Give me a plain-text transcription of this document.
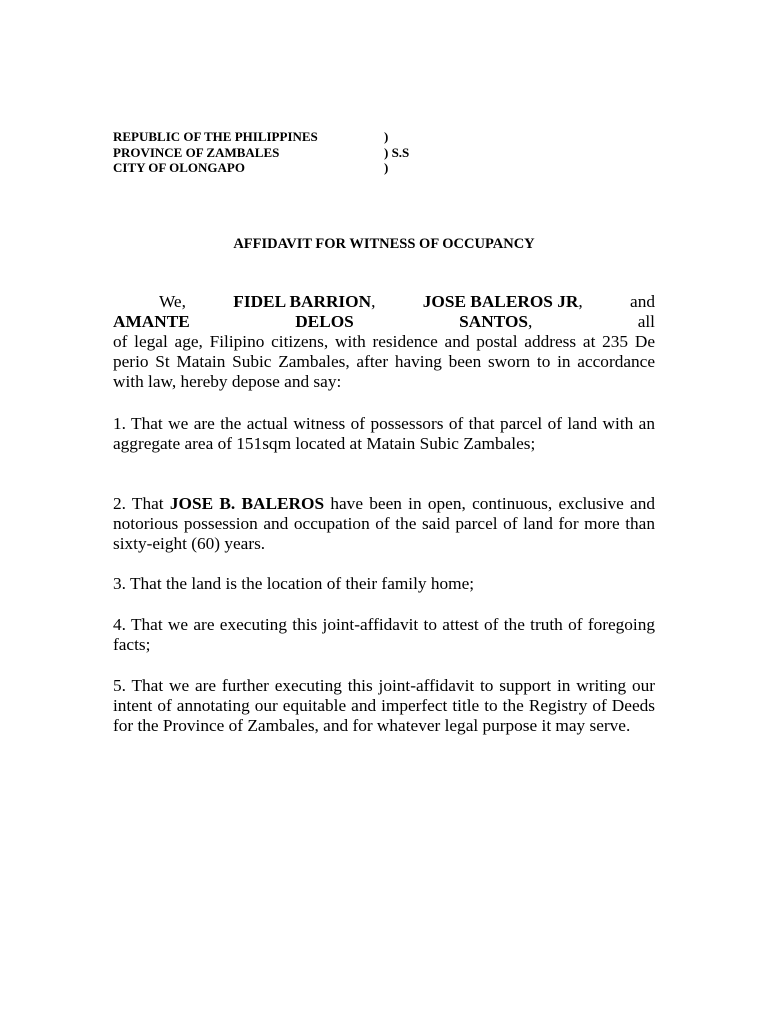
REPUBLIC OF THE PHILIPPINES	)
PROVINCE OF ZAMBALES	) S.S
CITY OF OLONGAPO	)
AFFIDAVIT FOR WITNESS OF OCCUPANCY
We,	FIDEL BARRION,	JOSE BALEROS JR,	and
AMANTE	DELOS	SANTOS,	all

of legal age, Filipino citizens, with residence and postal address at 235 De perio St Matain Subic Zambales, after having been sworn to in accordance with law, hereby depose and say:

1. That we are the actual witness of possessors of that parcel of land with an aggregate area of 151sqm located at Matain Subic Zambales;

2. That JOSE B. BALEROS have been in open, continuous, exclusive and notorious possession and occupation of the said parcel of land for more than sixty-eight (60) years.

3. That the land is the location of their family home;

4. That we are executing this joint-affidavit to attest of the truth of foregoing facts;

5. That we are further executing this joint-affidavit to support in writing our intent of annotating our equitable and imperfect title to the Registry of Deeds for the Province of Zambales, and for whatever legal purpose it may serve.
